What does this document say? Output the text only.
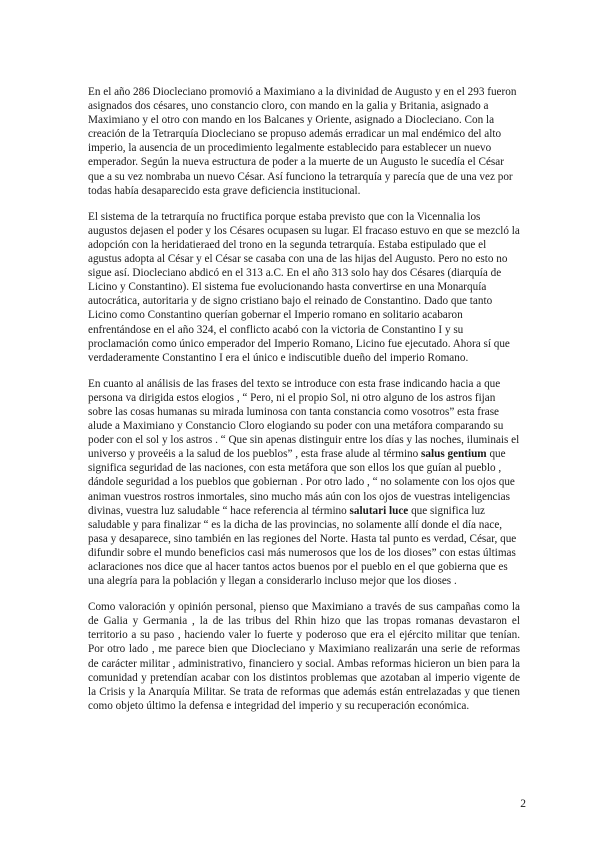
En el año 286 Diocleciano promovió a Maximiano a la divinidad de Augusto y en el 293 fueron asignados dos césares, uno constancio cloro, con mando en la galia y Britania, asignado a Maximiano y el otro con mando en los Balcanes y Oriente, asignado a Diocleciano. Con la creación de la Tetrarquía Diocleciano se propuso además erradicar un mal endémico del alto imperio, la ausencia de un procedimiento legalmente establecido para establecer un nuevo emperador. Según la nueva estructura de poder a la muerte de un Augusto le sucedía el César que a su vez nombraba un nuevo César. Así funciono la tetrarquía y parecía que de una vez por todas había desaparecido esta grave deficiencia institucional.

El sistema de la tetrarquía no fructifica porque estaba previsto que con la Vicennalia los augustos dejasen el poder y los Césares ocupasen su lugar. El fracaso estuvo en que se mezcló la adopción con la heridatieraed del trono en la segunda tetrarquía. Estaba estipulado que el agustus adopta al César y el César se casaba con una de las hijas del Augusto. Pero no esto no sigue así. Diocleciano abdicó en el 313 a.C. En el año 313 solo hay dos Césares (diarquía de Licino y Constantino). El sistema fue evolucionando hasta convertirse en una Monarquía autocrática, autoritaria y de signo cristiano bajo el reinado de Constantino. Dado que tanto Licino como Constantino querían gobernar el Imperio romano en solitario acabaron enfrentándose en el año 324, el conflicto acabó con la victoria de Constantino I y su proclamación como único emperador del Imperio Romano, Licino fue ejecutado. Ahora sí que verdaderamente Constantino I era el único e indiscutible dueño del imperio Romano.

En cuanto al análisis de las frases del texto se introduce con esta frase indicando hacia a que persona va dirigida estos elogios , “ Pero, ni el propio Sol, ni otro alguno de los astros fijan sobre las cosas humanas su mirada luminosa con tanta constancia como vosotros” esta frase alude a Maximiano y Constancio Cloro elogiando su poder con una metáfora comparando su poder con el sol y los astros . “ Que sin apenas distinguir entre los días y las noches, iluminais el universo y proveéis a la salud de los pueblos” , esta frase alude al término salus gentium que significa seguridad de las naciones, con esta metáfora que son ellos los que guían al pueblo , dándole seguridad a los pueblos que gobiernan . Por otro lado , “ no solamente con los ojos que animan vuestros rostros inmortales, sino mucho más aún con los ojos de vuestras inteligencias divinas, vuestra luz saludable “ hace referencia al término salutari luce que significa luz saludable y para finalizar “ es la dicha de las provincias, no solamente allí donde el día nace, pasa y desaparece, sino también en las regiones del Norte. Hasta tal punto es verdad, César, que difundir sobre el mundo beneficios casi más numerosos que los de los dioses” con estas últimas aclaraciones nos dice que al hacer tantos actos buenos por el pueblo en el que gobierna que es una alegría para la población y llegan a considerarlo incluso mejor que los dioses .

Como valoración y opinión personal, pienso que Maximiano a través de sus campañas como la de Galia y Germania , la de las tribus del Rhin hizo que las tropas romanas devastaron el territorio a su paso , haciendo valer lo fuerte y poderoso que era el ejército militar que tenían. Por otro lado , me parece bien que Diocleciano y Maximiano realizarán una serie de reformas de carácter militar , administrativo, financiero y social. Ambas reformas hicieron un bien para la comunidad y pretendían acabar con los distintos problemas que azotaban al imperio vigente de la Crisis y la Anarquía Militar. Se trata de reformas que además están entrelazadas y que tienen como objeto último la defensa e integridad del imperio y su recuperación económica.

2
